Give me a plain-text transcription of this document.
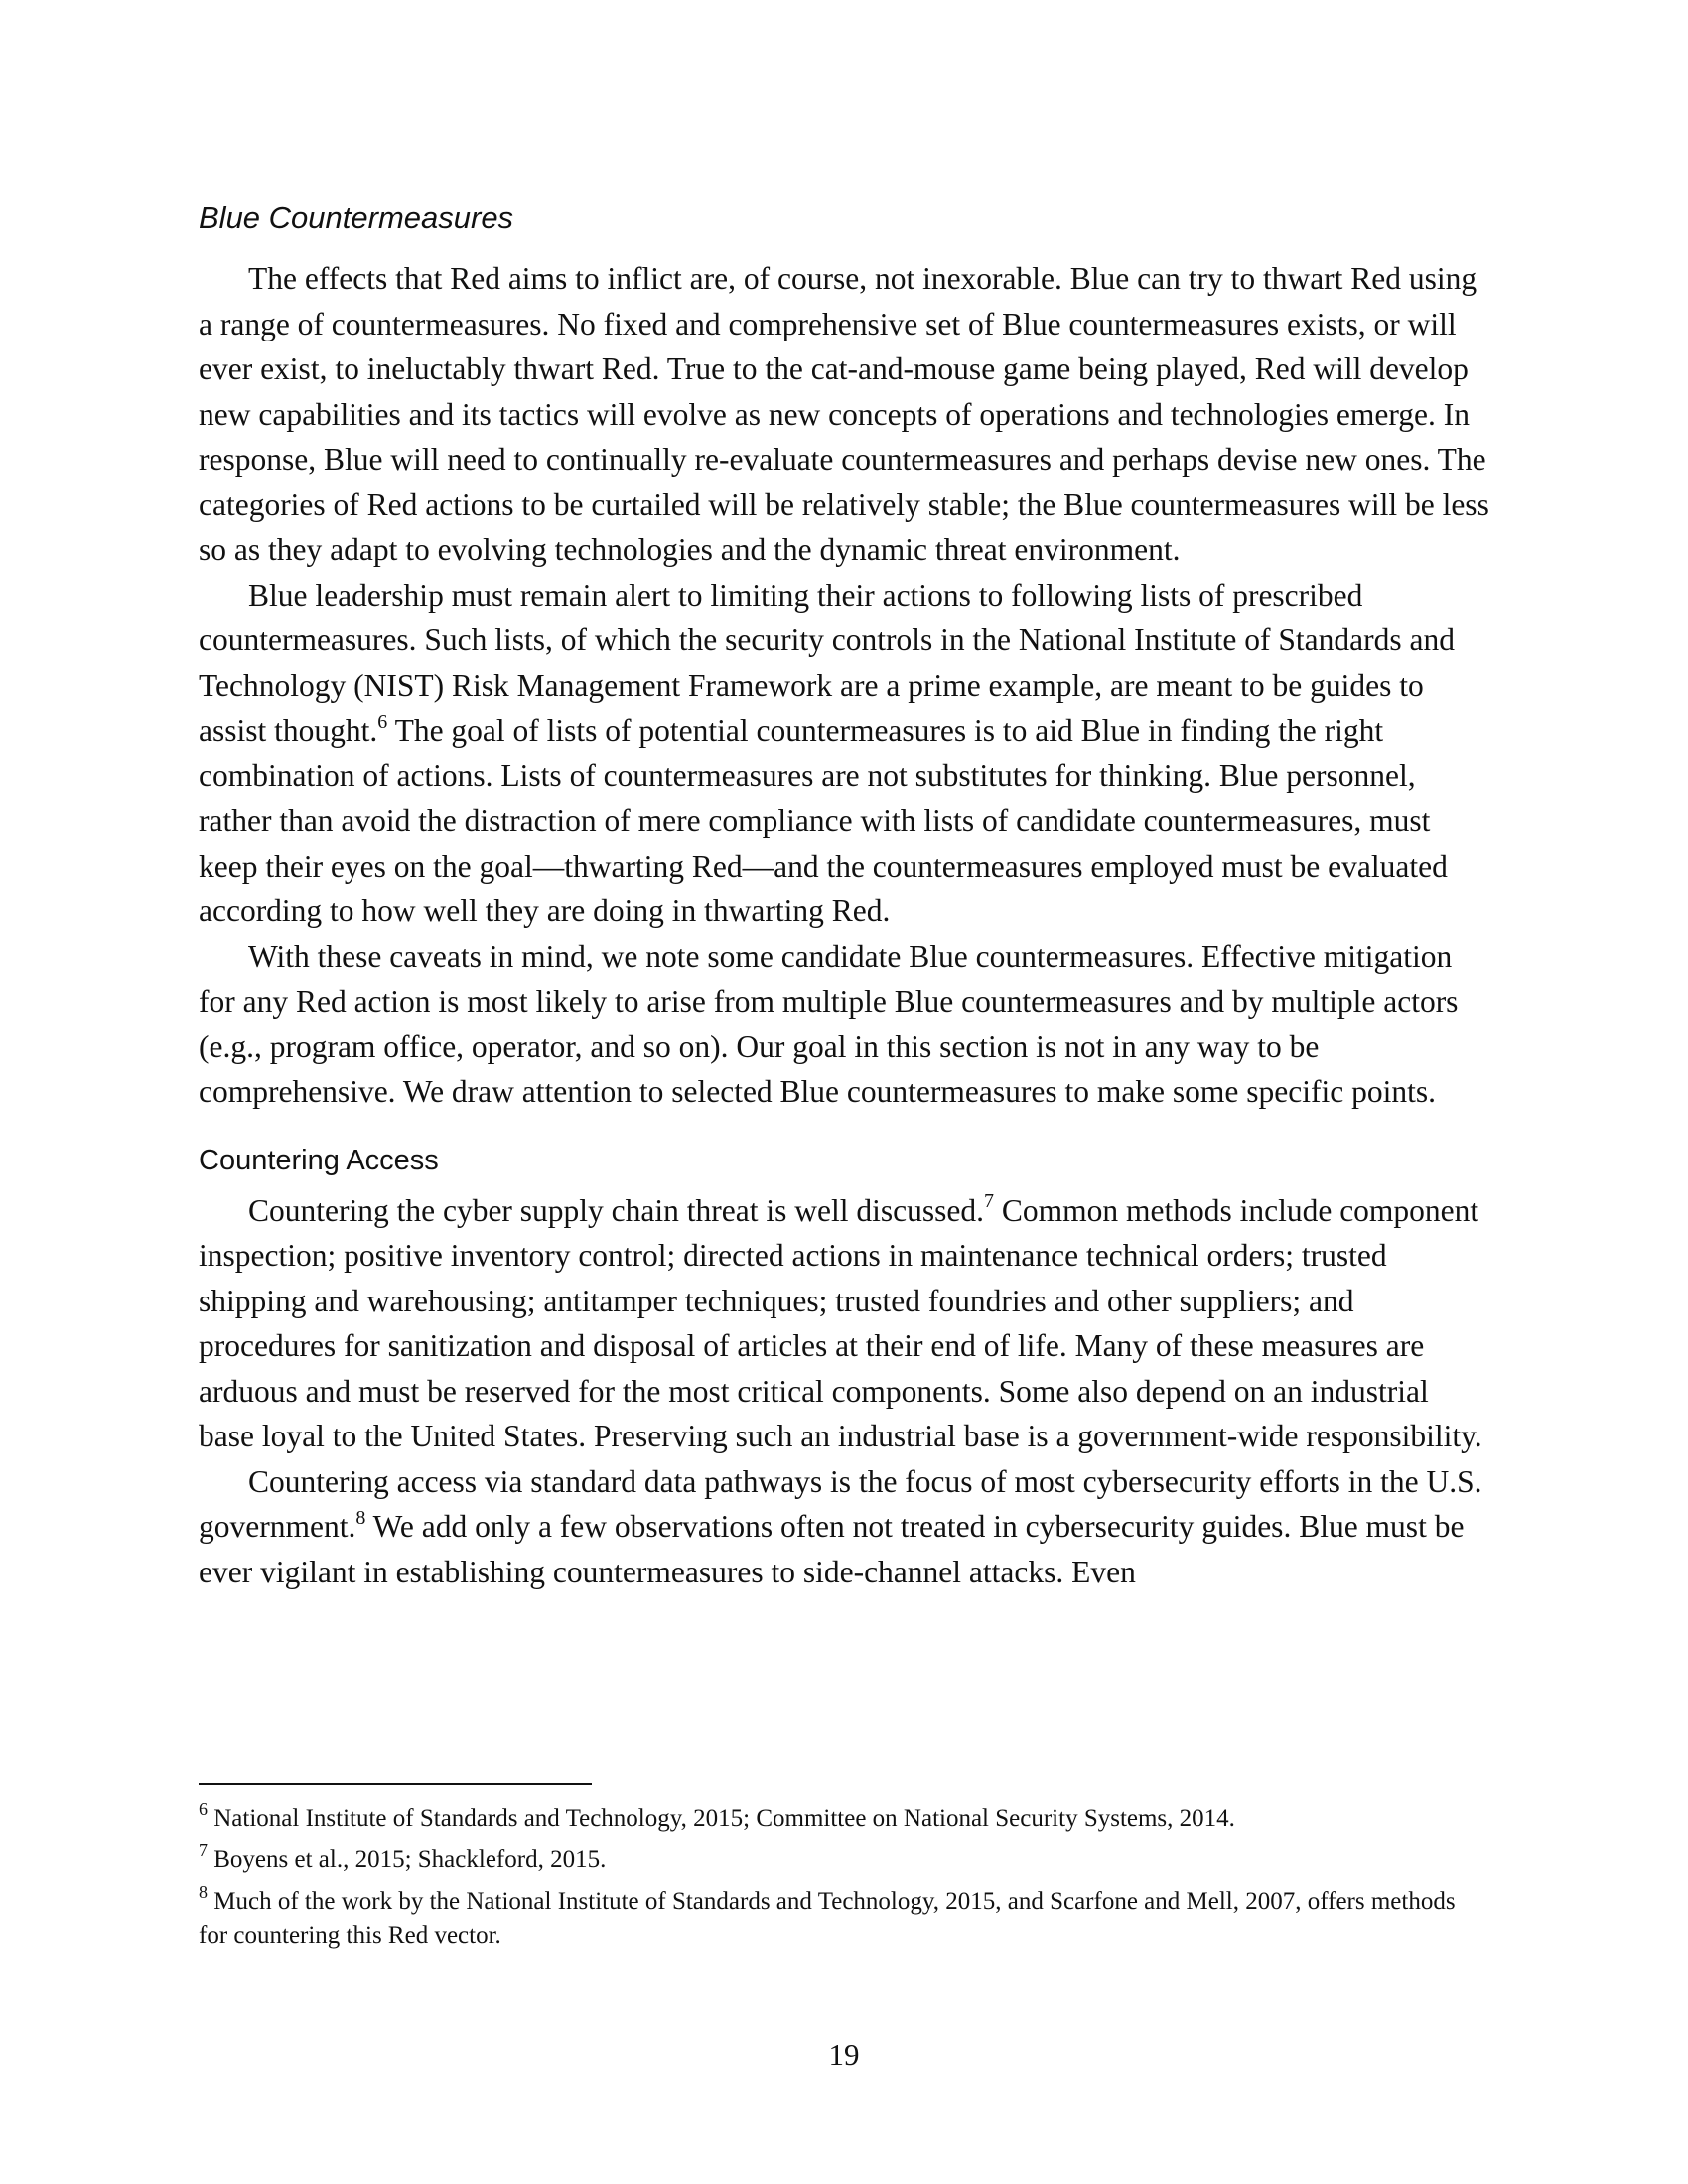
Blue Countermeasures

The effects that Red aims to inflict are, of course, not inexorable. Blue can try to thwart Red using a range of countermeasures. No fixed and comprehensive set of Blue countermeasures exists, or will ever exist, to ineluctably thwart Red. True to the cat-and-mouse game being played, Red will develop new capabilities and its tactics will evolve as new concepts of operations and technologies emerge. In response, Blue will need to continually re-evaluate countermeasures and perhaps devise new ones. The categories of Red actions to be curtailed will be relatively stable; the Blue countermeasures will be less so as they adapt to evolving technologies and the dynamic threat environment.

Blue leadership must remain alert to limiting their actions to following lists of prescribed countermeasures. Such lists, of which the security controls in the National Institute of Standards and Technology (NIST) Risk Management Framework are a prime example, are meant to be guides to assist thought.$^6$ The goal of lists of potential countermeasures is to aid Blue in finding the right combination of actions. Lists of countermeasures are not substitutes for thinking. Blue personnel, rather than avoid the distraction of mere compliance with lists of candidate countermeasures, must keep their eyes on the goal—thwarting Red—and the countermeasures employed must be evaluated according to how well they are doing in thwarting Red.

With these caveats in mind, we note some candidate Blue countermeasures. Effective mitigation for any Red action is most likely to arise from multiple Blue countermeasures and by multiple actors (e.g., program office, operator, and so on). Our goal in this section is not in any way to be comprehensive. We draw attention to selected Blue countermeasures to make some specific points.

Countering Access

Countering the cyber supply chain threat is well discussed.$^7$ Common methods include component inspection; positive inventory control; directed actions in maintenance technical orders; trusted shipping and warehousing; antitamper techniques; trusted foundries and other suppliers; and procedures for sanitization and disposal of articles at their end of life. Many of these measures are arduous and must be reserved for the most critical components. Some also depend on an industrial base loyal to the United States. Preserving such an industrial base is a government-wide responsibility.

Countering access via standard data pathways is the focus of most cybersecurity efforts in the U.S. government.$^8$ We add only a few observations often not treated in cybersecurity guides. Blue must be ever vigilant in establishing countermeasures to side-channel attacks. Even

$^6$ National Institute of Standards and Technology, 2015; Committee on National Security Systems, 2014.

$^7$ Boyens et al., 2015; Shackleford, 2015.

$^8$ Much of the work by the National Institute of Standards and Technology, 2015, and Scarfone and Mell, 2007, offers methods for countering this Red vector.

19
